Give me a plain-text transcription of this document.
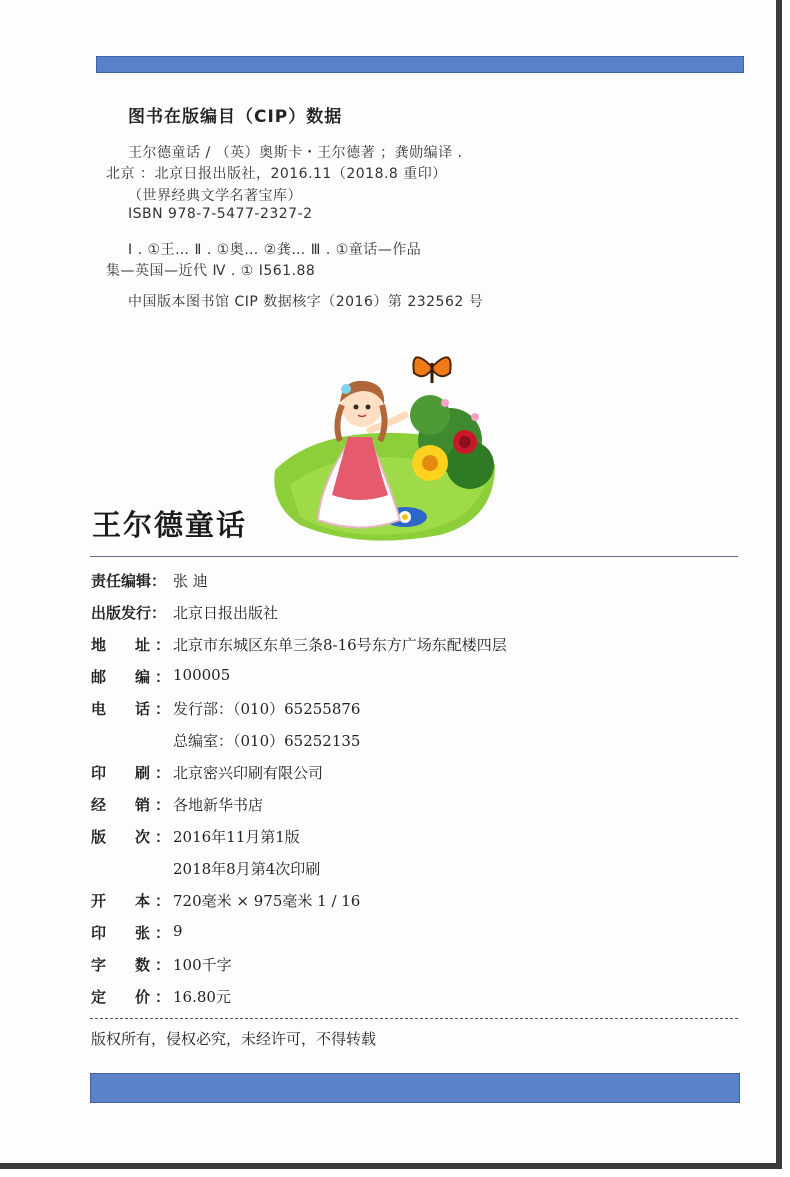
图书在版编目（CIP）数据
王尔德童话 / （英）奥斯卡・王尔德著 ；龚勋编译 .
北京 ：北京日报出版社，2016.11（2018.8 重印）
（世界经典文学名著宝库）
ISBN 978-7-5477-2327-2
Ⅰ . ①王… Ⅱ . ①奥… ②龚… Ⅲ . ①童话—作品
集—英国—近代 Ⅳ . ① I561.88
中国版本图书馆 CIP 数据核字（2016）第 232562 号
王尔德童话
责任编辑： 张 迪
出版发行： 北京日报出版社
地 址 ： 北京市东城区东单三条8-16号东方广场东配楼四层
邮 编 ： 100005
电 话 ： 发行部：（010）65255876
总编室：（010）65252135
印 刷 ： 北京密兴印刷有限公司
经 销 ： 各地新华书店
版 次 ： 2016年11月第1版
2018年8月第4次印刷
开 本 ： 720毫米 × 975毫米 1 / 16
印 张 ： 9
字 数 ： 100千字
定 价 ： 16.80元
版权所有，侵权必究，未经许可，不得转载
